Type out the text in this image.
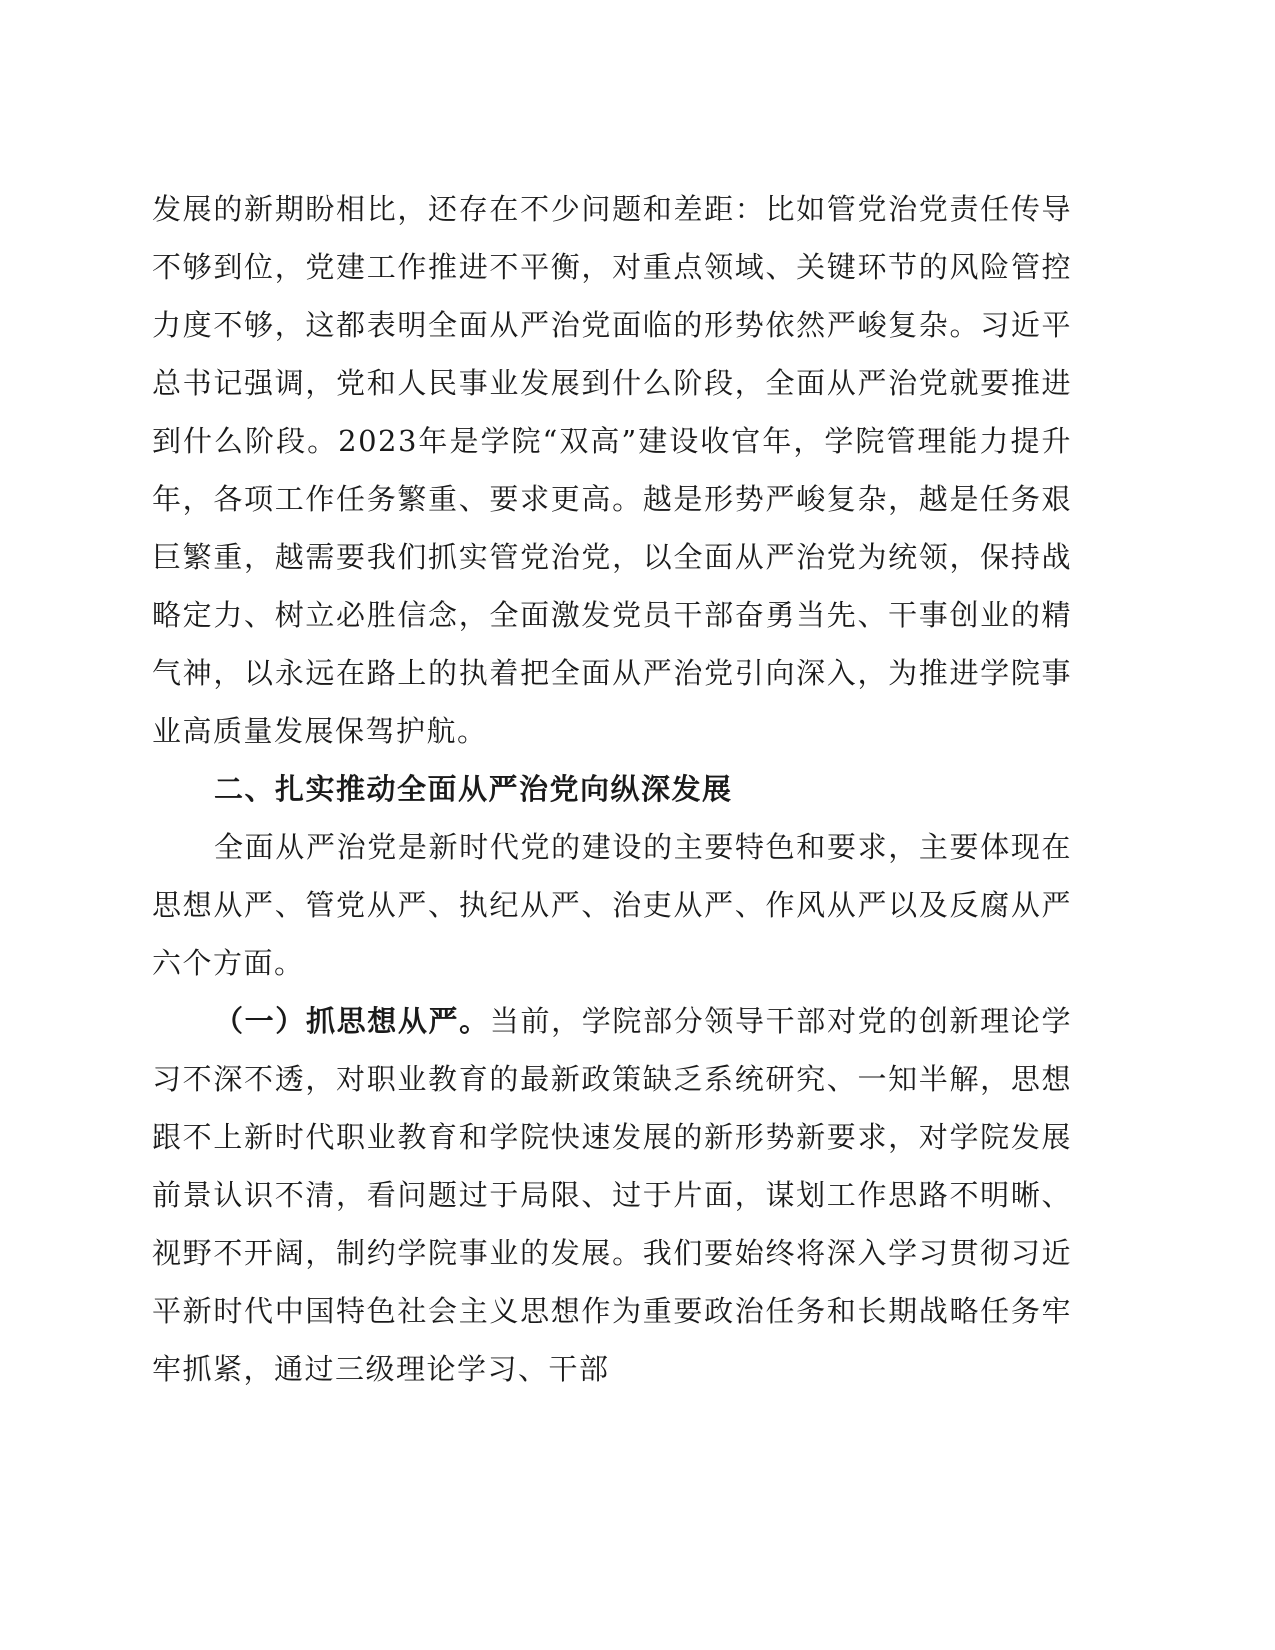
发展的新期盼相比，还存在不少问题和差距：比如管党治党责任传导不够到位，党建工作推进不平衡，对重点领域、关键环节的风险管控力度不够，这都表明全面从严治党面临的形势依然严峻复杂。习近平总书记强调，党和人民事业发展到什么阶段，全面从严治党就要推进到什么阶段。2023年是学院“双高”建设收官年，学院管理能力提升年，各项工作任务繁重、要求更高。越是形势严峻复杂，越是任务艰巨繁重，越需要我们抓实管党治党，以全面从严治党为统领，保持战略定力、树立必胜信念，全面激发党员干部奋勇当先、干事创业的精气神，以永远在路上的执着把全面从严治党引向深入，为推进学院事业高质量发展保驾护航。

二、扎实推动全面从严治党向纵深发展

全面从严治党是新时代党的建设的主要特色和要求，主要体现在思想从严、管党从严、执纪从严、治吏从严、作风从严以及反腐从严六个方面。

（一）抓思想从严。当前，学院部分领导干部对党的创新理论学习不深不透，对职业教育的最新政策缺乏系统研究、一知半解，思想跟不上新时代职业教育和学院快速发展的新形势新要求，对学院发展前景认识不清，看问题过于局限、过于片面，谋划工作思路不明晰、视野不开阔，制约学院事业的发展。我们要始终将深入学习贯彻习近平新时代中国特色社会主义思想作为重要政治任务和长期战略任务牢牢抓紧，通过三级理论学习、干部
